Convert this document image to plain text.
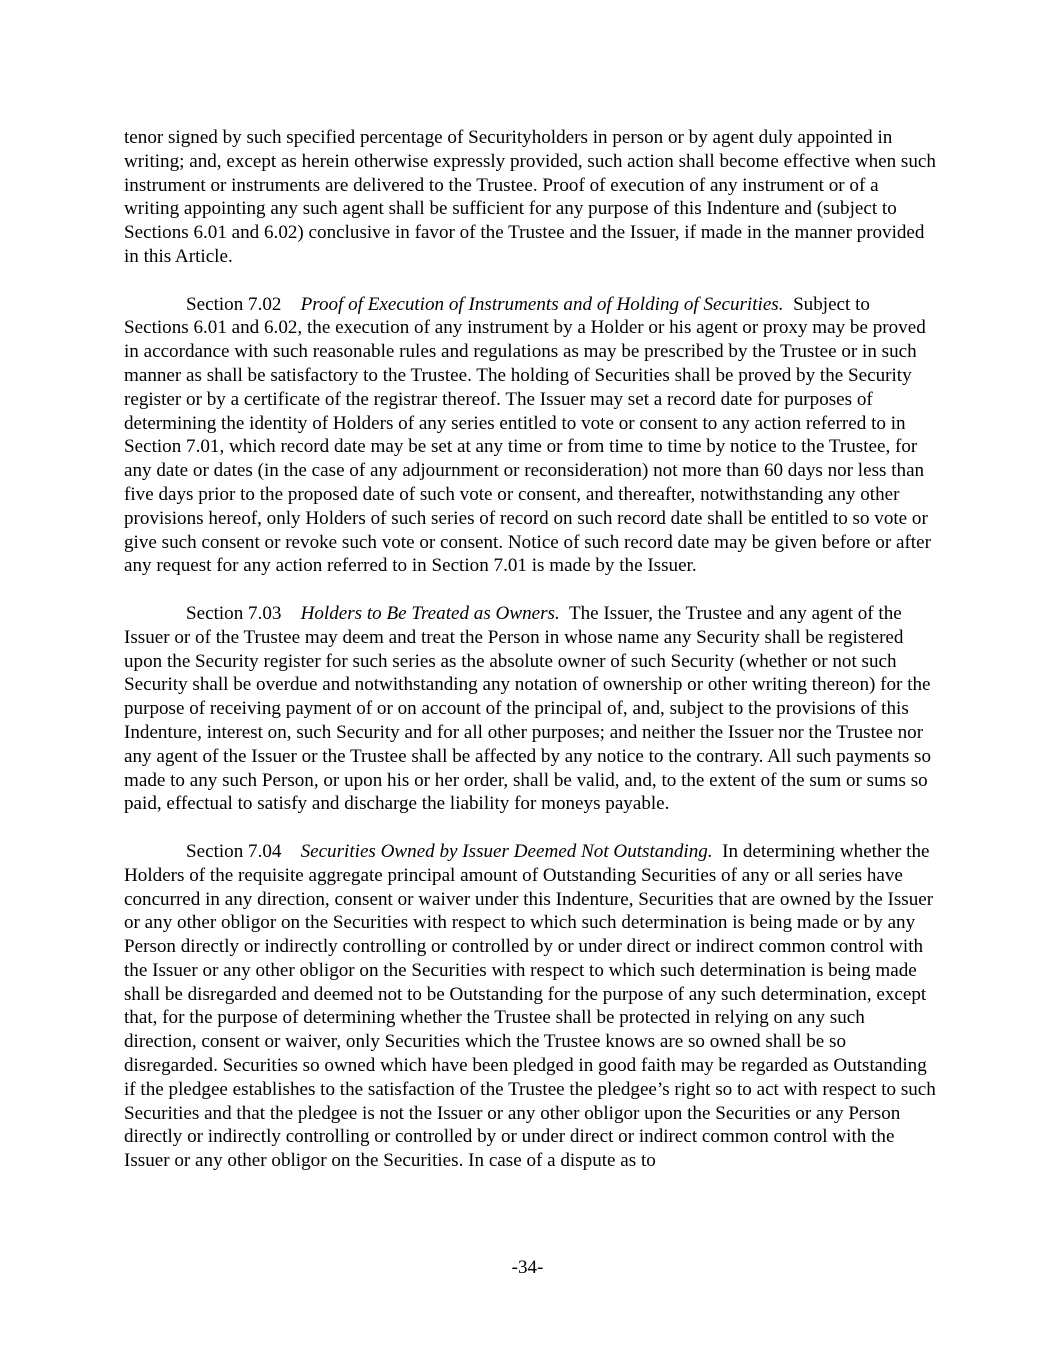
tenor signed by such specified percentage of Securityholders in person or by agent duly appointed in writing; and, except as herein otherwise expressly provided, such action shall become effective when such instrument or instruments are delivered to the Trustee. Proof of execution of any instrument or of a writing appointing any such agent shall be sufficient for any purpose of this Indenture and (subject to Sections 6.01 and 6.02) conclusive in favor of the Trustee and the Issuer, if made in the manner provided in this Article.

Section 7.02 Proof of Execution of Instruments and of Holding of Securities. Subject to Sections 6.01 and 6.02, the execution of any instrument by a Holder or his agent or proxy may be proved in accordance with such reasonable rules and regulations as may be prescribed by the Trustee or in such manner as shall be satisfactory to the Trustee. The holding of Securities shall be proved by the Security register or by a certificate of the registrar thereof. The Issuer may set a record date for purposes of determining the identity of Holders of any series entitled to vote or consent to any action referred to in Section 7.01, which record date may be set at any time or from time to time by notice to the Trustee, for any date or dates (in the case of any adjournment or reconsideration) not more than 60 days nor less than five days prior to the proposed date of such vote or consent, and thereafter, notwithstanding any other provisions hereof, only Holders of such series of record on such record date shall be entitled to so vote or give such consent or revoke such vote or consent. Notice of such record date may be given before or after any request for any action referred to in Section 7.01 is made by the Issuer.

Section 7.03 Holders to Be Treated as Owners. The Issuer, the Trustee and any agent of the Issuer or of the Trustee may deem and treat the Person in whose name any Security shall be registered upon the Security register for such series as the absolute owner of such Security (whether or not such Security shall be overdue and notwithstanding any notation of ownership or other writing thereon) for the purpose of receiving payment of or on account of the principal of, and, subject to the provisions of this Indenture, interest on, such Security and for all other purposes; and neither the Issuer nor the Trustee nor any agent of the Issuer or the Trustee shall be affected by any notice to the contrary. All such payments so made to any such Person, or upon his or her order, shall be valid, and, to the extent of the sum or sums so paid, effectual to satisfy and discharge the liability for moneys payable.

Section 7.04 Securities Owned by Issuer Deemed Not Outstanding. In determining whether the Holders of the requisite aggregate principal amount of Outstanding Securities of any or all series have concurred in any direction, consent or waiver under this Indenture, Securities that are owned by the Issuer or any other obligor on the Securities with respect to which such determination is being made or by any Person directly or indirectly controlling or controlled by or under direct or indirect common control with the Issuer or any other obligor on the Securities with respect to which such determination is being made shall be disregarded and deemed not to be Outstanding for the purpose of any such determination, except that, for the purpose of determining whether the Trustee shall be protected in relying on any such direction, consent or waiver, only Securities which the Trustee knows are so owned shall be so disregarded. Securities so owned which have been pledged in good faith may be regarded as Outstanding if the pledgee establishes to the satisfaction of the Trustee the pledgee’s right so to act with respect to such Securities and that the pledgee is not the Issuer or any other obligor upon the Securities or any Person directly or indirectly controlling or controlled by or under direct or indirect common control with the Issuer or any other obligor on the Securities. In case of a dispute as to

-34-
